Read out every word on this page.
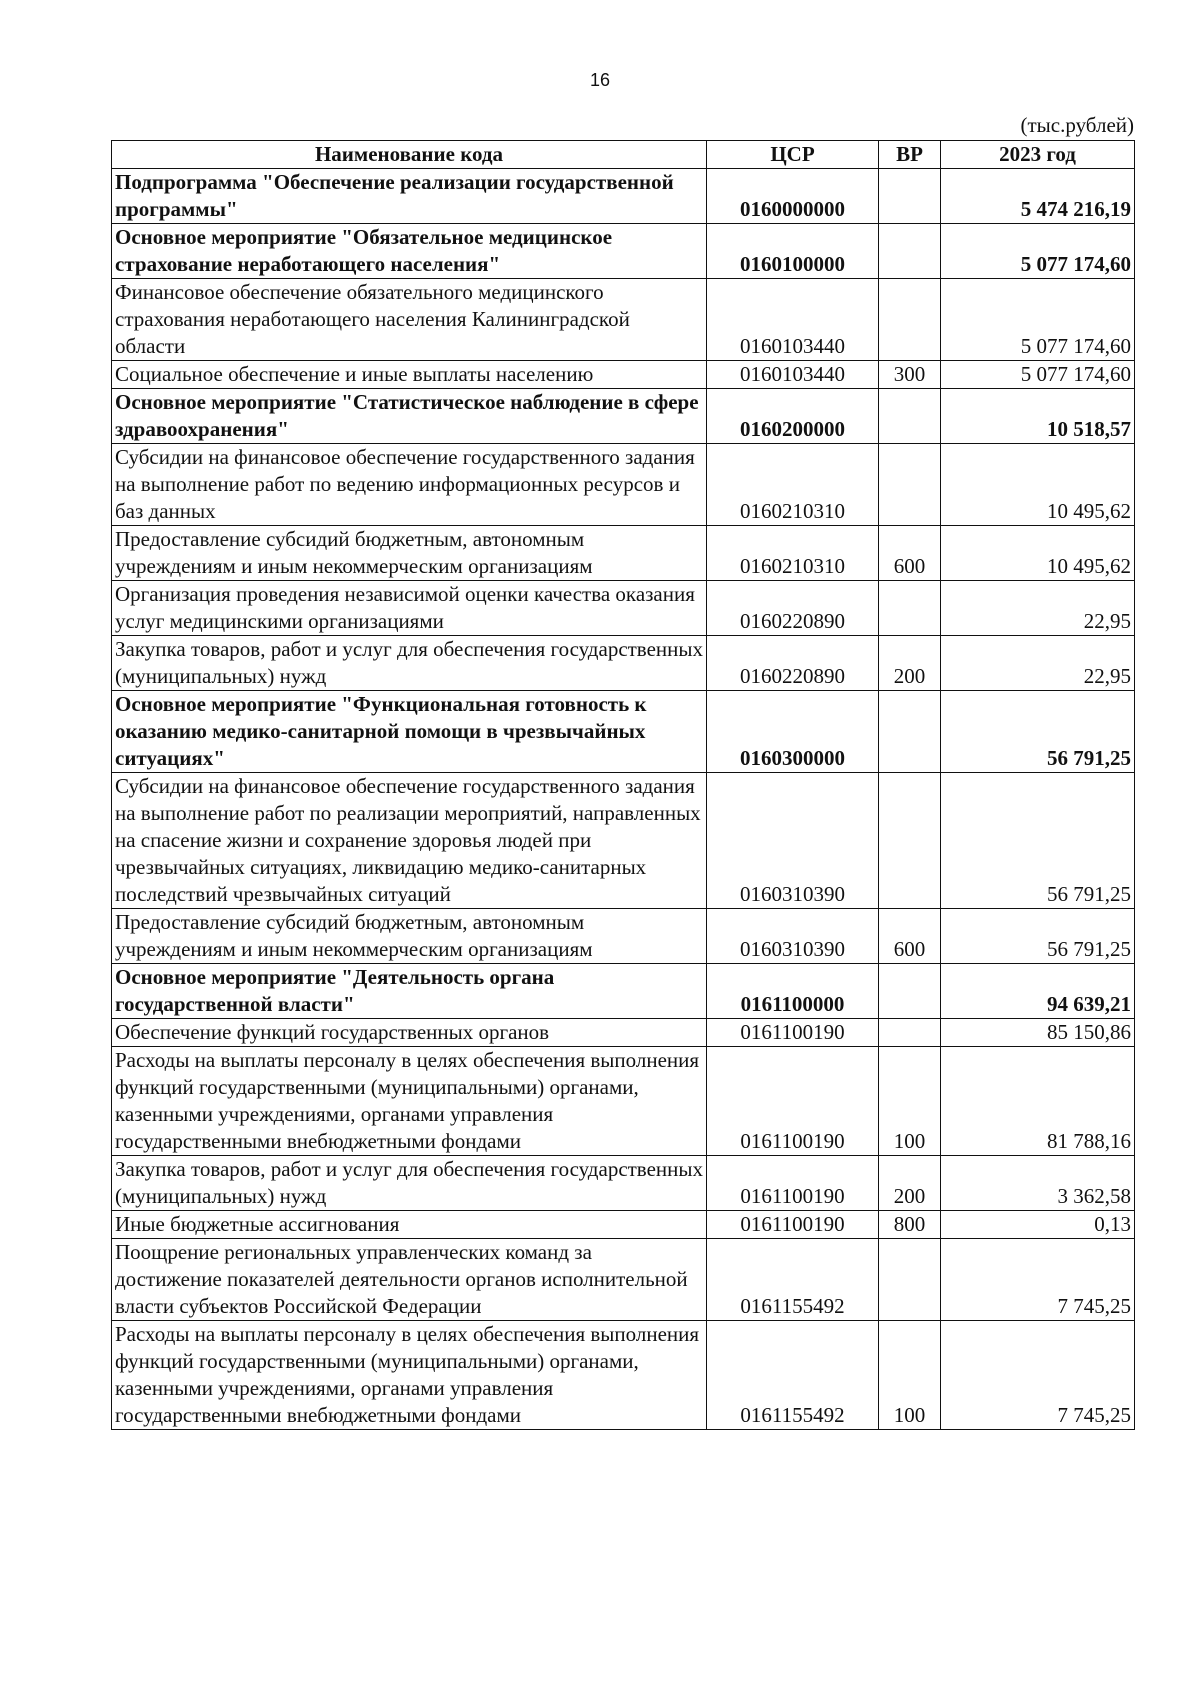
16
(тыс.рублей)
Наименование кода	ЦСР	ВР	2023 год
Подпрограмма "Обеспечение реализации государственной программы"	0160000000		5 474 216,19
Основное мероприятие "Обязательное медицинское страхование неработающего населения"	0160100000		5 077 174,60
Финансовое обеспечение обязательного медицинского страхования неработающего населения Калининградской области	0160103440		5 077 174,60
Социальное обеспечение и иные выплаты населению	0160103440	300	5 077 174,60
Основное мероприятие "Статистическое наблюдение в сфере здравоохранения"	0160200000		10 518,57
Субсидии на финансовое обеспечение государственного задания на выполнение работ по ведению информационных ресурсов и баз данных	0160210310		10 495,62
Предоставление субсидий бюджетным, автономным учреждениям и иным некоммерческим организациям	0160210310	600	10 495,62
Организация проведения независимой оценки качества оказания услуг медицинскими организациями	0160220890		22,95
Закупка товаров, работ и услуг для обеспечения государственных (муниципальных) нужд	0160220890	200	22,95
Основное мероприятие "Функциональная готовность к оказанию медико-санитарной помощи в чрезвычайных ситуациях"	0160300000		56 791,25
Субсидии на финансовое обеспечение государственного задания на выполнение работ по реализации мероприятий, направленных на спасение жизни и сохранение здоровья людей при чрезвычайных ситуациях, ликвидацию медико-санитарных последствий чрезвычайных ситуаций	0160310390		56 791,25
Предоставление субсидий бюджетным, автономным учреждениям и иным некоммерческим организациям	0160310390	600	56 791,25
Основное мероприятие "Деятельность органа государственной власти"	0161100000		94 639,21
Обеспечение функций государственных органов	0161100190		85 150,86
Расходы на выплаты персоналу в целях обеспечения выполнения функций государственными (муниципальными) органами, казенными учреждениями, органами управления государственными внебюджетными фондами	0161100190	100	81 788,16
Закупка товаров, работ и услуг для обеспечения государственных (муниципальных) нужд	0161100190	200	3 362,58
Иные бюджетные ассигнования	0161100190	800	0,13
Поощрение региональных управленческих команд за достижение показателей деятельности органов исполнительной власти субъектов Российской Федерации	0161155492		7 745,25
Расходы на выплаты персоналу в целях обеспечения выполнения функций государственными (муниципальными) органами, казенными учреждениями, органами управления государственными внебюджетными фондами	0161155492	100	7 745,25
